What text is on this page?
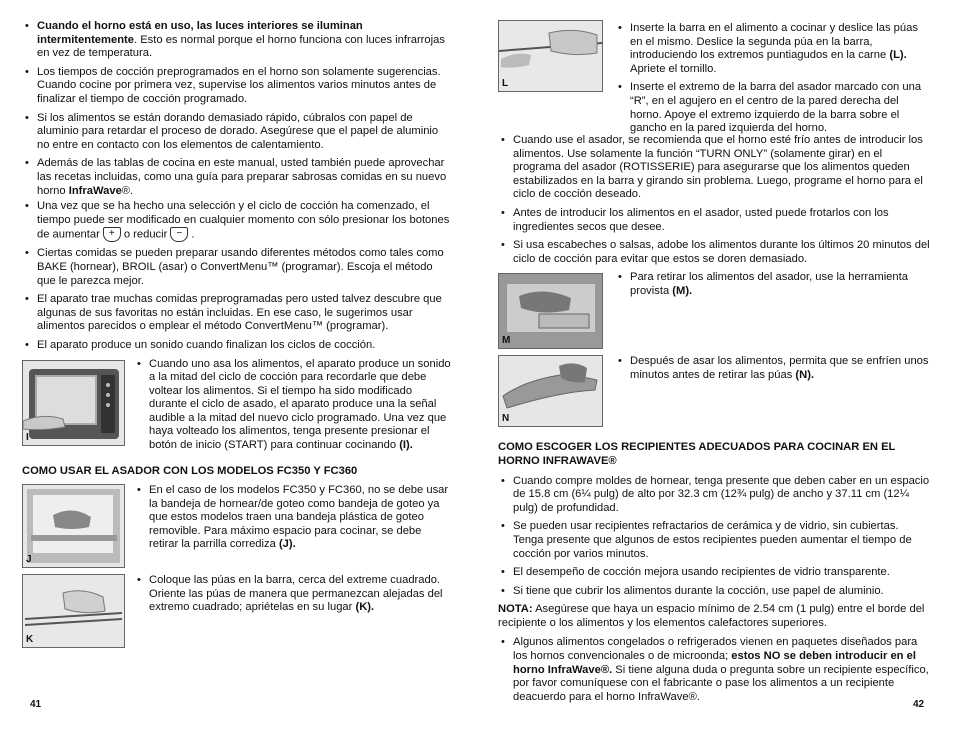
• Cuando el horno está en uso, las luces interiores se iluminan intermitentemente. Esto es normal porque el horno funciona con luces infrarrojas en vez de temperatura.
• Los tiempos de cocción preprogramados en el horno son solamente sugerencias. Cuando cocine por primera vez, supervise los alimentos varios minutos antes de finalizar el tiempo de cocción programado.
• Si los alimentos se están dorando demasiado rápido, cúbralos con papel de aluminio para retardar el proceso de dorado. Asegúrese que el papel de aluminio no entre en contacto con los elementos de calentamiento.
• Además de las tablas de cocina en este manual, usted también puede aprovechar las recetas incluidas, como una guía para preparar sabrosas comidas en su nuevo horno InfraWave®.
• Una vez que se ha hecho una selección y el ciclo de cocción ha comenzado, el tiempo puede ser modificado en cualquier momento con sólo presionar los botones de aumentar + o reducir − .
• Ciertas comidas se pueden preparar usando diferentes métodos como tales como BAKE (hornear), BROIL (asar) o ConvertMenu™ (programar). Escoja el método que le parezca mejor.
• El aparato trae muchas comidas preprogramadas pero usted talvez descubre que algunas de sus favoritas no están incluidas. En ese caso, le sugerimos usar alimentos parecidos o emplear el método ConvertMenu™ (programar).
• El aparato produce un sonido cuando finalizan los ciclos de cocción.
I
• Cuando uno asa los alimentos, el aparato produce un sonido a la mitad del ciclo de cocción para recordarle que debe voltear los alimentos. Si el tiempo ha sido modificado durante el ciclo de asado, el aparato produce una la señal audible a la mitad del nuevo ciclo programado. Una vez que haya volteado los alimentos, tenga presente presionar el botón de inicio (START) para continuar cocinando (I).
COMO USAR EL ASADOR CON LOS MODELOS FC350 Y FC360
J
• En el caso de los modelos FC350 y FC360, no se debe usar la bandeja de hornear/de goteo como bandeja de goteo ya que estos modelos traen una bandeja plástica de goteo removible. Para máximo espacio para cocinar, se debe retirar la parrilla corrediza (J).
K
• Coloque las púas en la barra, cerca del extreme cuadrado. Oriente las púas de manera que permanezcan alejadas del extremo cuadrado; apriételas en su lugar (K).
41
L
• Inserte la barra en el alimento a cocinar y deslice las púas en el mismo. Deslice la segunda púa en la barra, introduciendo los extremos puntiagudos en la carne (L). Apriete el tornillo.
• Inserte el extremo de la barra del asador marcado con una “R”, en el agujero en el centro de la pared derecha del horno. Apoye el extremo izquierdo de la barra sobre el gancho en la pared izquierda del horno.
• Cuando use el asador, se recomienda que el horno esté frío antes de introducir los alimentos. Use solamente la función “TURN ONLY” (solamente girar) en el programa del asador (ROTISSERIE) para asegurarse que los alimentos queden estabilizados en la barra y girando sin problema. Luego, programe el horno para el ciclo de cocción deseado.
• Antes de introducir los alimentos en el asador, usted puede frotarlos con los ingredientes secos que desee.
• Si usa escabeches o salsas, adobe los alimentos durante los últimos 20 minutos del ciclo de cocción para evitar que estos se doren demasiado.
M
• Para retirar los alimentos del asador, use la herramienta provista (M).
N
• Después de asar los alimentos, permita que se enfríen unos minutos antes de retirar las púas (N).
COMO ESCOGER LOS RECIPIENTES ADECUADOS PARA COCINAR EN EL HORNO INFRAWAVE®
• Cuando compre moldes de hornear, tenga presente que deben caber en un espacio de 15.8 cm (6¼ pulg) de alto por 32.3 cm (12¾ pulg) de ancho y 37.11 cm (12¼ pulg) de profundidad.
• Se pueden usar recipientes refractarios de cerámica y de vidrio, sin cubiertas. Tenga presente que algunos de estos recipientes pueden aumentar el tiempo de cocción por varios minutos.
• El desempeño de cocción mejora usando recipientes de vidrio transparente.
• Si tiene que cubrir los alimentos durante la cocción, use papel de aluminio.

NOTA: Asegúrese que haya un espacio mínimo de 2.54 cm (1 pulg) entre el borde del recipiente o los alimentos y los elementos calefactores superiores.

• Algunos alimentos congelados o refrigerados vienen en paquetes diseñados para los hornos convencionales o de microonda; estos NO se deben introducir en el horno InfraWave®. Si tiene alguna duda o pregunta sobre un recipiente específico, por favor comuníquese con el fabricante o pase los alimentos a un recipiente deacuerdo para el horno InfraWave®.
42
